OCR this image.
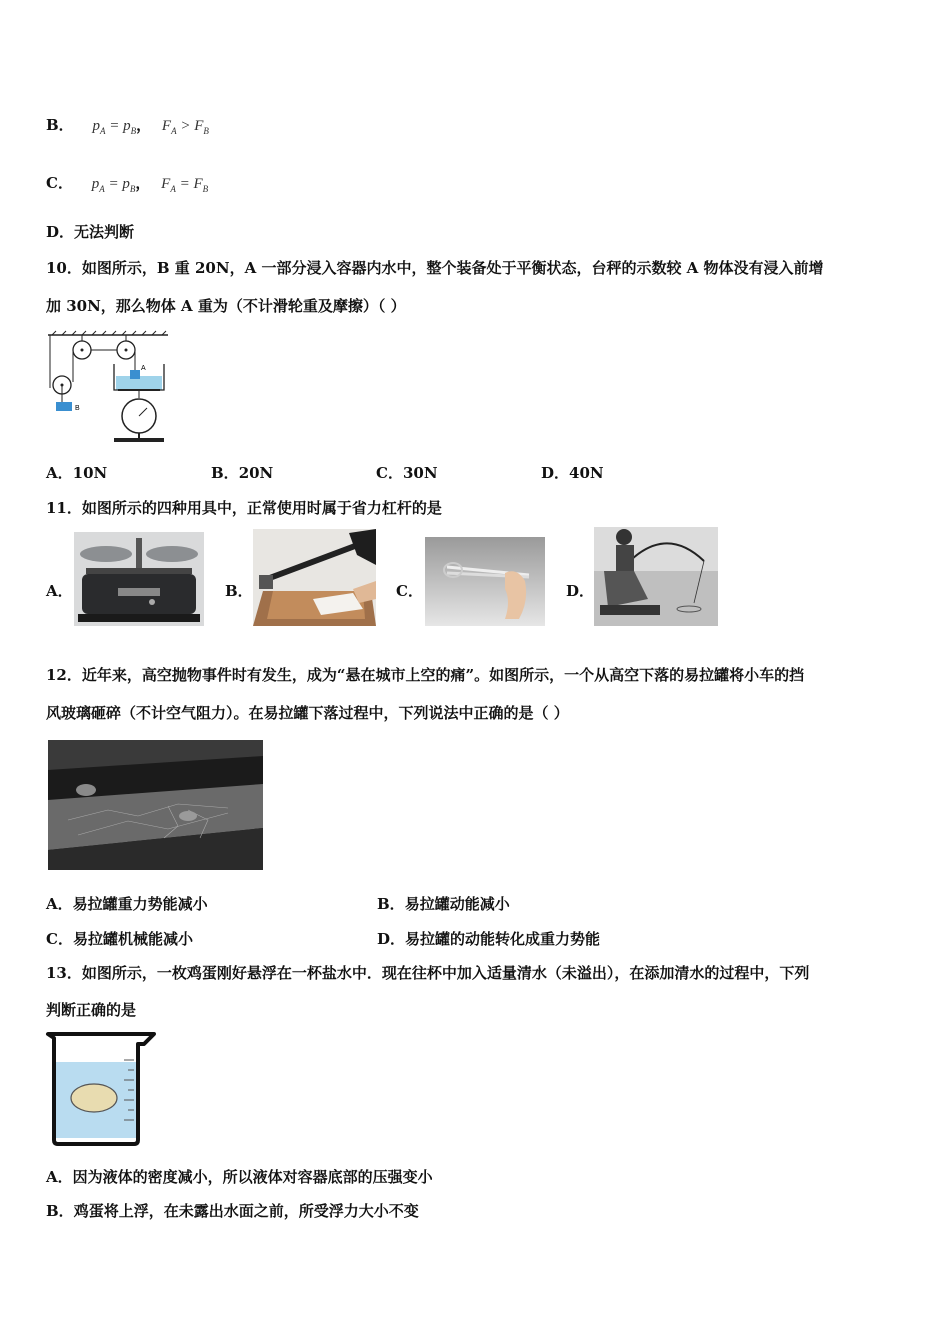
B． $p_A = p_B$， $F_A > F_B$
C． $p_A = p_B$， $F_A = F_B$
D．无法判断
10．如图所示，B 重 20N，A 一部分浸入容器内水中，整个装备处于平衡状态，台秤的示数较 A 物体没有浸入前增
加 30N，那么物体 A 重为（不计滑轮重及摩擦）（ ）
B
A
A．10N	B．20N	C．30N	D．40N
11．如图所示的四种用具中，正常使用时属于省力杠杆的是
A．	B．	C．	D．
12．近年来，高空抛物事件时有发生，成为“悬在城市上空的痛”。如图所示，一个从高空下落的易拉罐将小车的挡
风玻璃砸碎（不计空气阻力）。在易拉罐下落过程中，下列说法中正确的是（ ）
A．易拉罐重力势能减小	B．易拉罐动能减小
C．易拉罐机械能减小	D．易拉罐的动能转化成重力势能
13．如图所示，一枚鸡蛋刚好悬浮在一杯盐水中．现在往杯中加入适量清水（未溢出），在添加清水的过程中，下列
判断正确的是
A．因为液体的密度减小，所以液体对容器底部的压强变小
B．鸡蛋将上浮，在未露出水面之前，所受浮力大小不变
